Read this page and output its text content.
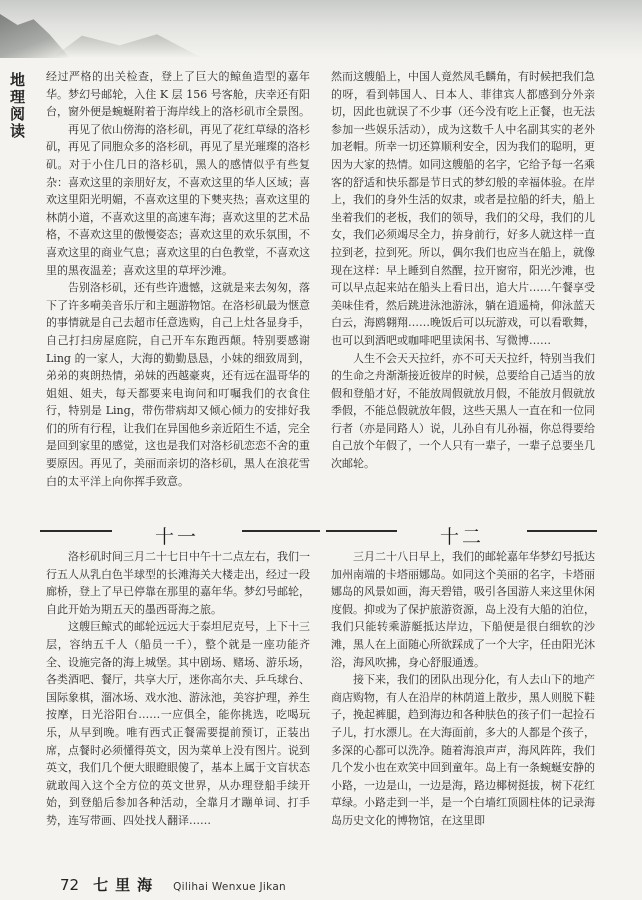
地理阅读 经过严格的出关检查，登上了巨大的鲸鱼造型的嘉年华。梦幻号邮轮，入住 K 层 156 号客舱，庆幸还有阳台，窗外便是蜿蜒附着于海岸线上的洛杉矶市全景图。

再见了依山傍海的洛杉矶，再见了花红草绿的洛杉矶，再见了同胞众多的洛杉矶，再见了星光璀璨的洛杉矶。对于小住几日的洛杉矶，黑人的感情似乎有些复杂：喜欢这里的亲朋好友，不喜欢这里的华人区域；喜欢这里阳光明媚，不喜欢这里的下僰夹热；喜欢这里的林荫小道，不喜欢这里的高速车海；喜欢这里的艺术品格，不喜欢这里的傲慢姿态；喜欢这里的欢乐氛围，不喜欢这里的商业气息；喜欢这里的白色教堂，不喜欢这里的黑夜温差；喜欢这里的草坪沙滩。

告别洛杉矶，还有些许遗憾，这就是来去匆匆，落下了许多嗬美音乐厅和主题游物馆。在洛杉矶最为惬意的事情就是自己去超市任意选购，自己上灶各显身手，自己打扫房屋庭院，自己开车东跑西颠。特别要感谢 Ling 的一家人，大海的勤勤恳恳，小妹的细致周到，弟弟的爽朗热情，弟妹的西越豪爽，还有远在温哥华的姐姐、姐夫，每天都要来电询问和叮嘱我们的衣食住行，特别是 Ling，带伤带病却又倾心倾力的安排好我们的所有行程，让我们在异国他乡亲近陌生不适，完全是回到家里的感觉，这也是我们对洛杉矶恋恋不舍的重要原因。再见了，美丽而亲切的洛杉矶，黑人在浪花雪白的太平洋上向你挥手致意。

然而这艘船上，中国人竟然凤毛麟角，有时候把我们急的呀，看到韩国人、日本人、菲律宾人都感到分外亲切，因此也就误了不少事（还今没有吃上正餐，也无法参加一些娱乐活动），成为这数千人中名副其实的老外加老帽。所幸一切还算顺利安全，因为我们的聪明，更因为大家的热情。如同这艘船的名字，它给予每一名乘客的舒适和快乐都是节日式的梦幻般的幸福体验。在岸上，我们的身外生活的奴隶，或者是拉船的纤夫，船上坐着我们的老板，我们的领导，我们的父母，我们的儿女，我们必须竭尽全力，拚身前行，好多人就这样一直拉到老，拉到死。所以，偶尔我们也应当在船上，就像现在这样：早上睡到自然醒，拉开窗帘，阳光沙滩，也可以早点起来站在船头上看日出，追大片……午餐享受美味佳肴，然后跳进泳池游泳，躺在逍遥椅，仰泳蓝天白云，海鸥翱翔……晚饭后可以玩游戏，可以看歌舞，也可以到酒吧或咖啡吧里读闲书、写微博……

人生不会天天拉纤，亦不可天天拉纤，特别当我们的生命之舟渐渐接近彼岸的时候，总要给自己适当的放假和登船才好，不能放周假就放月假，不能放月假就放季假，不能总假就放年假，这些天黑人一直在和一位同行者（亦是同路人）说，儿孙自有儿孙福，你总得要给自己放个年假了，一个人只有一辈子，一辈子总要坐几次邮轮。

十一	十二

洛杉矶时间三月二十七日中午十二点左右，我们一行五人从乳白色半球型的长滩海关大楼走出，经过一段廊桥，登上了早已停靠在那里的嘉年华。梦幻号邮轮，自此开始为期五天的墨西哥海之旅。

这艘巨鲸式的邮轮远远大于泰坦尼克号，上下十三层，容纳五千人（船员一千），整个就是一座功能齐全、设施完备的海上城堡。其中剧场、赌场、游乐场，各类酒吧、餐厅，共享大厅，迷你高尔夫、乒乓球台、国际象棋，溜冰场、戏水池、游泳池，美容护理，养生按摩，日光浴阳台……一应俱全，能你挑选，吃喝玩乐，从早到晚。唯有西式正餐需要提前预订，正装出席，点餐时必须懂得英文，因为菜单上没有图片。说到英文，我们几个便大眼瞪眼傻了，基本上属于文盲状态就敢闯入这个全方位的英文世界，从办理登船手续开始，到登船后参加各种活动，全靠月才蹦单词、打手势，连写带画、四处找人翻译……

三月二十八日早上，我们的邮轮嘉年华梦幻号抵达加州南端的卡塔丽娜岛。如同这个美丽的名字，卡塔丽娜岛的风景如画，海天碧错，吸引各国游人来这里休闲度假。抑或为了保护旅游资源，岛上没有大船的泊位，我们只能转乘游艇抵达岸边，下船便是很白细软的沙滩，黑人在上面随心所欲踩成了一个大字，任由阳光沐浴，海风吹拂，身心舒服通透。

接下来，我们的团队出现分化，有人去山下的地产商店购物，有人在沿岸的林荫道上散步，黑人则脱下鞋子，挽起裤腿，趋到海边和各种肤色的孩子们一起捡石子儿，打水漂儿。在大海面前，多大的人都是个孩子，多深的心都可以洗净。随着海浪声声，海风阵阵，我们几个发小也在欢笑中回到童年。岛上有一条蜿蜒安静的小路，一边是山，一边是海，路边椰树挺拔，树下花红草绿。小路走到一半，是一个白墙红顶圆柱体的记录海岛历史文化的博物馆，在这里即

72 七里海 Qilihai Wenxue Jikan
